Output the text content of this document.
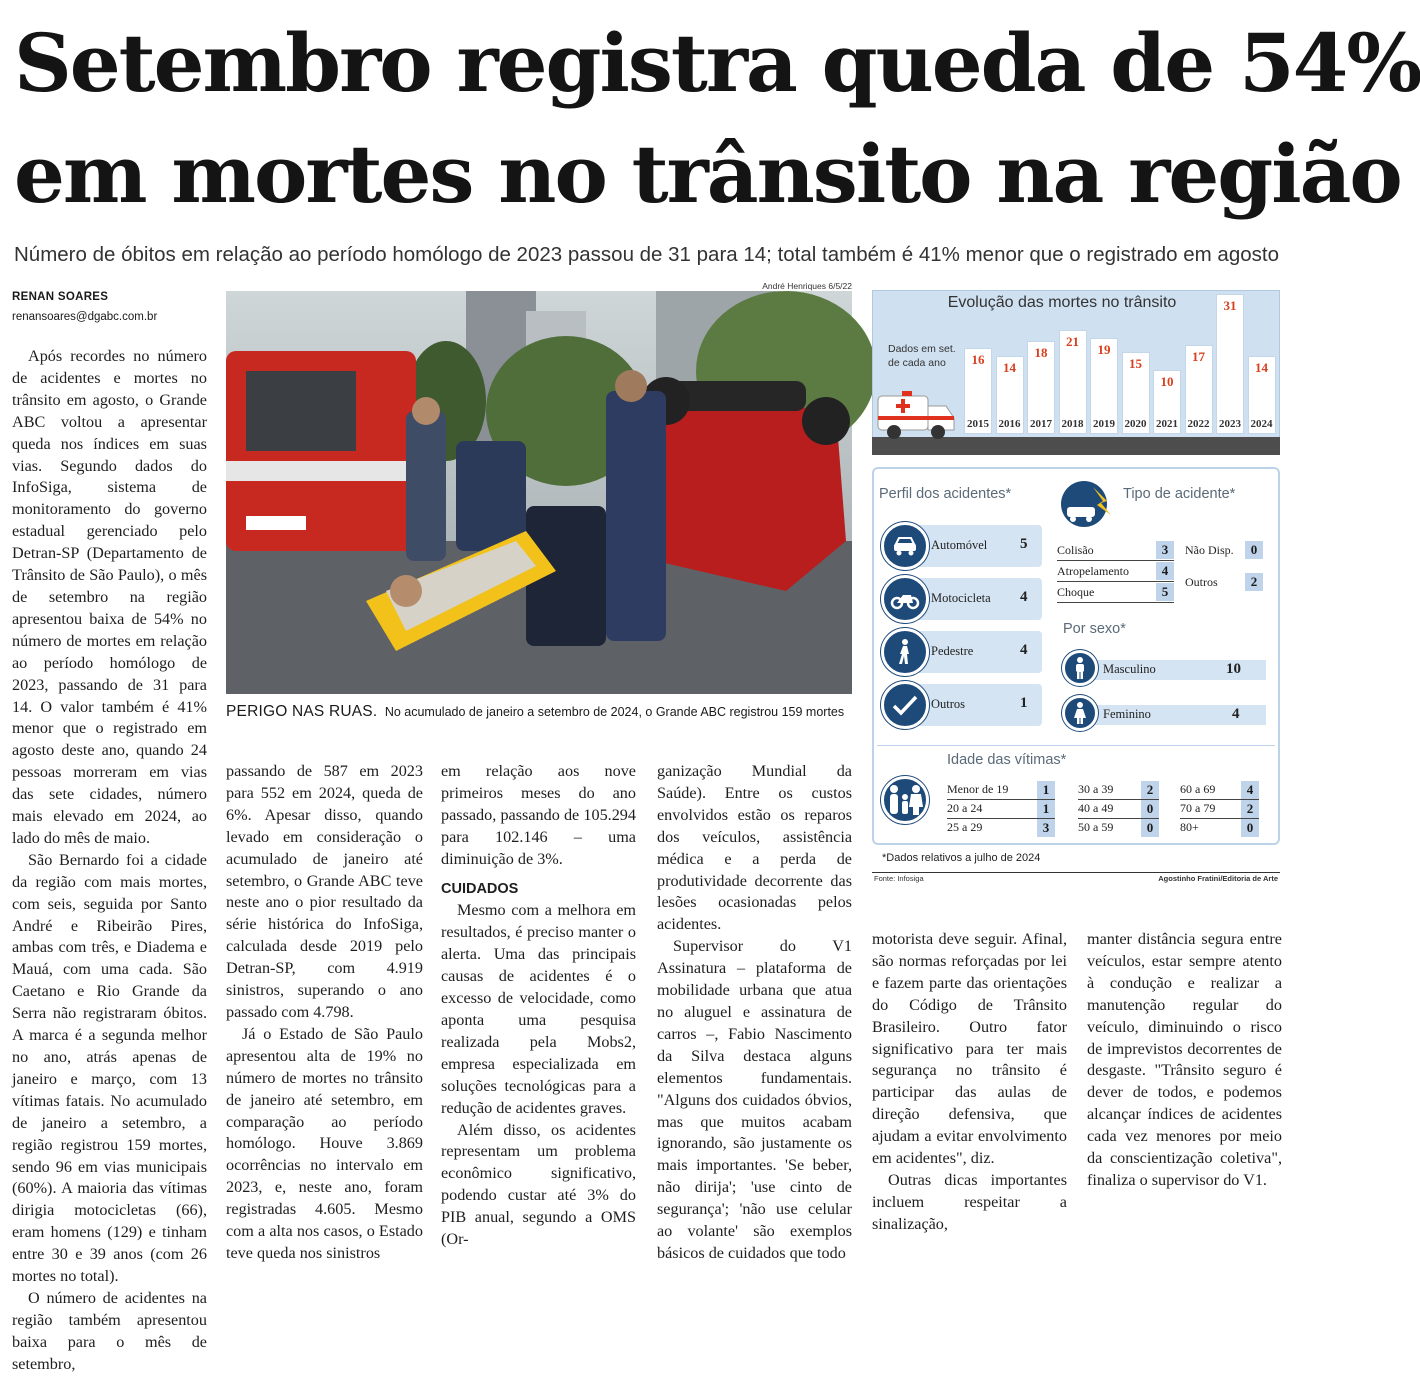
Setembro registra queda de 54%
em mortes no trânsito na região
Número de óbitos em relação ao período homólogo de 2023 passou de 31 para 14; total também é 41% menor que o registrado em agosto
RENAN SOARES
renansoares@dgabc.com.br

Após recordes no número de acidentes e mortes no trânsito em agosto, o Grande ABC voltou a apresentar queda nos índices em suas vias. Segundo dados do InfoSiga, sistema de monitoramento do governo estadual gerenciado pelo Detran-SP (Departamento de Trânsito de São Paulo), o mês de setembro na região apresentou baixa de 54% no número de mortes em relação ao período homólogo de 2023, passando de 31 para 14. O valor também é 41% menor que o registrado em agosto deste ano, quando 24 pessoas morreram em vias das sete cidades, número mais elevado em 2024, ao lado do mês de maio.

São Bernardo foi a cidade da região com mais mortes, com seis, seguida por Santo André e Ribeirão Pires, ambas com três, e Diadema e Mauá, com uma cada. São Caetano e Rio Grande da Serra não registraram óbitos. A marca é a segunda melhor no ano, atrás apenas de janeiro e março, com 13 vítimas fatais. No acumulado de janeiro a setembro, a região registrou 159 mortes, sendo 96 em vias municipais (60%). A maioria das vítimas dirigia motocicletas (66), eram homens (129) e tinham entre 30 e 39 anos (com 26 mortes no total).

O número de acidentes na região também apresentou baixa para o mês de setembro,

André Henriques 6/5/22
PERIGO NAS RUAS. No acumulado de janeiro a setembro de 2024, o Grande ABC registrou 159 mortes

passando de 587 em 2023 para 552 em 2024, queda de 6%. Apesar disso, quando levado em consideração o acumulado de janeiro até setembro, o Grande ABC teve neste ano o pior resultado da série histórica do InfoSiga, calculada desde 2019 pelo Detran-SP, com 4.919 sinistros, superando o ano passado com 4.798.

Já o Estado de São Paulo apresentou alta de 19% no número de mortes no trânsito de janeiro até setembro, em comparação ao período homólogo. Houve 3.869 ocorrências no intervalo em 2023, e, neste ano, foram registradas 4.605. Mesmo com a alta nos casos, o Estado teve queda nos sinistros

em relação aos nove primeiros meses do ano passado, passando de 105.294 para 102.146 – uma diminuição de 3%.

CUIDADOS

Mesmo com a melhora em resultados, é preciso manter o alerta. Uma das principais causas de acidentes é o excesso de velocidade, como aponta uma pesquisa realizada pela Mobs2, empresa especializada em soluções tecnológicas para a redução de acidentes graves.

Além disso, os acidentes representam um problema econômico significativo, podendo custar até 3% do PIB anual, segundo a OMS (Or-

ganização Mundial da Saúde). Entre os custos envolvidos estão os reparos dos veículos, assistência médica e a perda de produtividade decorrente das lesões ocasionadas pelos acidentes.

Supervisor do V1 Assinatura – plataforma de mobilidade urbana que atua no aluguel e assinatura de carros –, Fabio Nascimento da Silva destaca alguns elementos fundamentais. "Alguns dos cuidados óbvios, mas que muitos acabam ignorando, são justamente os mais importantes. 'Se beber, não dirija'; 'use cinto de segurança'; 'não use celular ao volante' são exemplos básicos de cuidados que todo

motorista deve seguir. Afinal, são normas reforçadas por lei e fazem parte das orientações do Código de Trânsito Brasileiro. Outro fator significativo para ter mais segurança no trânsito é participar das aulas de direção defensiva, que ajudam a evitar envolvimento em acidentes", diz.

Outras dicas importantes incluem respeitar a sinalização,

manter distância segura entre veículos, estar sempre atento à condução e realizar a manutenção regular do veículo, diminuindo o risco de imprevistos decorrentes de desgaste. "Trânsito seguro é dever de todos, e podemos alcançar índices de acidentes cada vez menores por meio da conscientização coletiva", finaliza o supervisor do V1.

Evolução das mortes no trânsito
Dados em set. de cada ano
Perfil dos acidentes*	Tipo de acidente*
Por sexo*
Idade das vítimas*
*Dados relativos a julho de 2024
Fonte: Infosiga	Agostinho Fratini/Editoria de Arte
16
2015
14
2016
18
2017
21
2018
19
2019
15
2020
10
2021
17
2022
31
2023
14
2024
Automóvel 5
Motocicleta 4
Pedestre	4
Outros	1
Colisão	3
Atropelamento	4
Choque	5
Não Disp.	0
Outros	2
Masculino	10
Feminino	4
Menor de 19	1
20 a 24	1
25 a 29	3
30 a 39	2
40 a 49	0
50 a 59	0
60 a 69	4
70 a 79	2
80+	0
